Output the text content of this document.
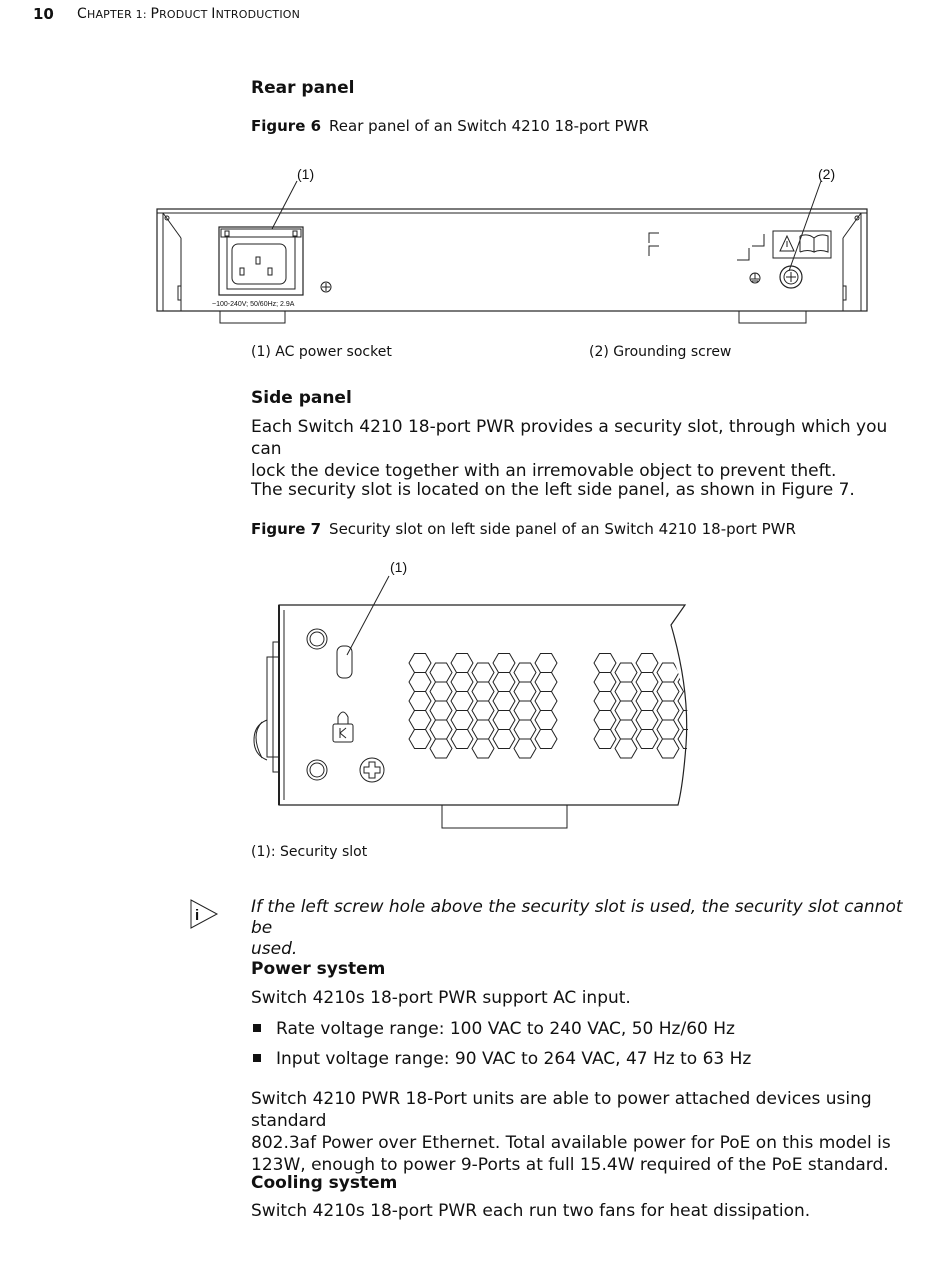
10 CHAPTER 1: PRODUCT INTRODUCTION
Rear panel
Figure 6 Rear panel of an Switch 4210 18-port PWR
(1)	(2)
~100-240V; 50/60Hz; 2.9A
(1) AC power socket	(2) Grounding screw
Side panel
Each Switch 4210 18-port PWR provides a security slot, through which you can
lock the device together with an irremovable object to prevent theft.
The security slot is located on the left side panel, as shown in Figure 7.
Figure 7 Security slot on left side panel of an Switch 4210 18-port PWR
(1)
(1): Security slot
i	If the left screw hole above the security slot is used, the security slot cannot be
used.
Power system
Switch 4210s 18-port PWR support AC input.
Rate voltage range: 100 VAC to 240 VAC, 50 Hz/60 Hz
Input voltage range: 90 VAC to 264 VAC, 47 Hz to 63 Hz
Switch 4210 PWR 18-Port units are able to power attached devices using standard
802.3af Power over Ethernet. Total available power for PoE on this model is
123W, enough to power 9-Ports at full 15.4W required of the PoE standard.
Cooling system
Switch 4210s 18-port PWR each run two fans for heat dissipation.
